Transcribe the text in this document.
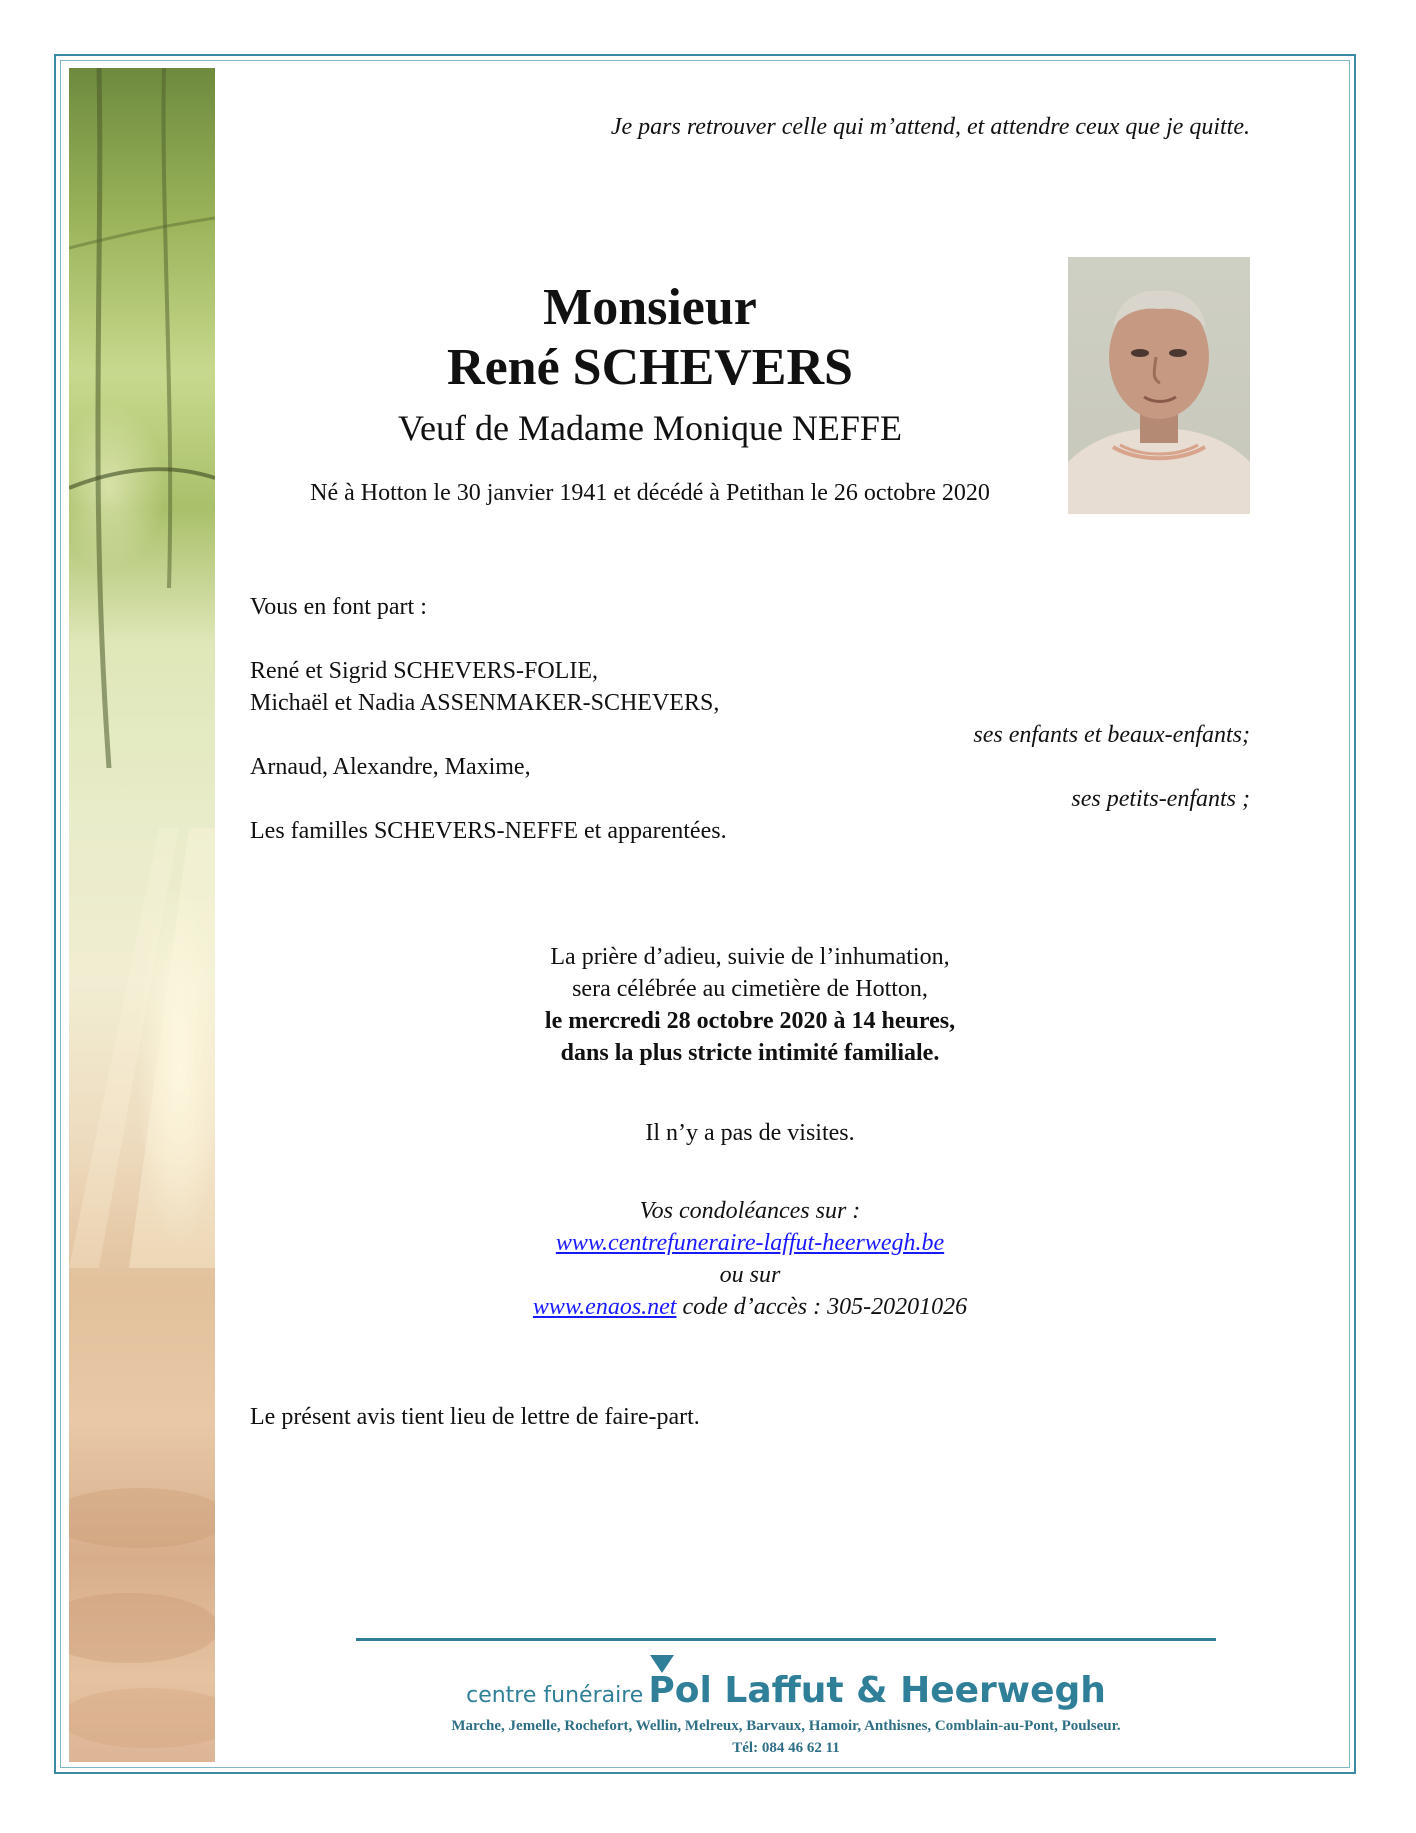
Je pars retrouver celle qui m’attend, et attendre ceux que je quitte.
Monsieur
René SCHEVERS
Veuf de Madame Monique NEFFE
Né à Hotton le 30 janvier 1941 et décédé à Petithan le 26 octobre 2020
Vous en font part :
René et Sigrid SCHEVERS-FOLIE,
Michaël et Nadia ASSENMAKER-SCHEVERS,
ses enfants et beaux-enfants;
Arnaud, Alexandre, Maxime,
ses petits-enfants ;
Les familles SCHEVERS-NEFFE et apparentées.
La prière d’adieu, suivie de l’inhumation,
sera célébrée au cimetière de Hotton,
le mercredi 28 octobre 2020 à 14 heures,
dans la plus stricte intimité familiale.
Il n’y a pas de visites.
Vos condoléances sur :
www.centrefuneraire-laffut-heerwegh.be
ou sur
www.enaos.net code d’accès : 305-20201026
Le présent avis tient lieu de lettre de faire-part.
centre funéraire Pol Laffut & Heerwegh
Marche, Jemelle, Rochefort, Wellin, Melreux, Barvaux, Hamoir, Anthisnes, Comblain-au-Pont, Poulseur.
Tél: 084 46 62 11
